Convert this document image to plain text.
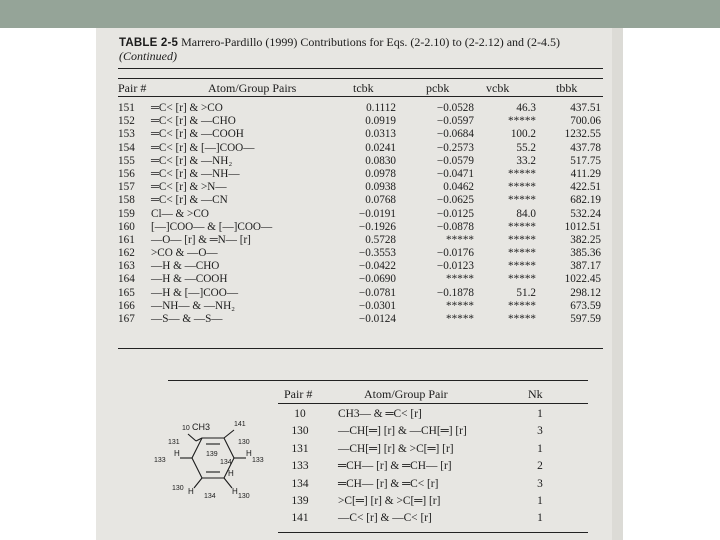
TABLE 2-5 Marrero-Pardillo (1999) Contributions for Eqs. (2-2.10) to (2-2.12) and (2-4.5)
(Continued)
Pair #	Atom/Group Pairs	tcbk	pcbk	vcbk	tbbk
151 ═C< [r] & >CO	0.1112	−0.0528	46.3	437.51
152 ═C< [r] & —CHO	0.0919	−0.0597	*****	700.06
153 ═C< [r] & —COOH	0.0313	−0.0684	100.2	1232.55
154 ═C< [r] & [—]COO—	0.0241	−0.2573	55.2	437.78
155 ═C< [r] & —NH₂	0.0830	−0.0579	33.2	517.75
156 ═C< [r] & —NH—	0.0978	−0.0471	*****	411.29
157 ═C< [r] & >N—	0.0938	0.0462	*****	422.51
158 ═C< [r] & —CN	0.0768	−0.0625	*****	682.19
159 Cl— & >CO	−0.0191	−0.0125	84.0	532.24
160 [—]COO— & [—]COO—	−0.1926	−0.0878	*****	1012.51
161 —O— [r] & ═N— [r]	0.5728	*****	*****	382.25
162 >CO & —O—	−0.3553	−0.0176	*****	385.36
163 —H & —CHO	−0.0422	−0.0123	*****	387.17
164 —H & —COOH	−0.0690	*****	*****	1022.45
165 —H & [—]COO—	−0.0781	−0.1878	51.2	298.12
166 —NH— & —NH₂	−0.0301	*****	*****	673.59
167 —S— & —S—	−0.0124	*****	*****	597.59
Pair #	Atom/Group Pair	Nk
10	CH3— & ═C< [r]	1
130	—CH[═] [r] & —CH[═] [r]	3
131	—CH[═] [r] & >C[═] [r]	1
133	═CH— [r] & ═CH— [r]	2
134	═CH— [r] & ═C< [r]	3
139	>C[═] [r] & >C[═] [r]	1
141	—C< [r] & —C< [r]	1
10 CH3	141
131	130
139
134
133	133
130
134	130
H
H
H
H
H
